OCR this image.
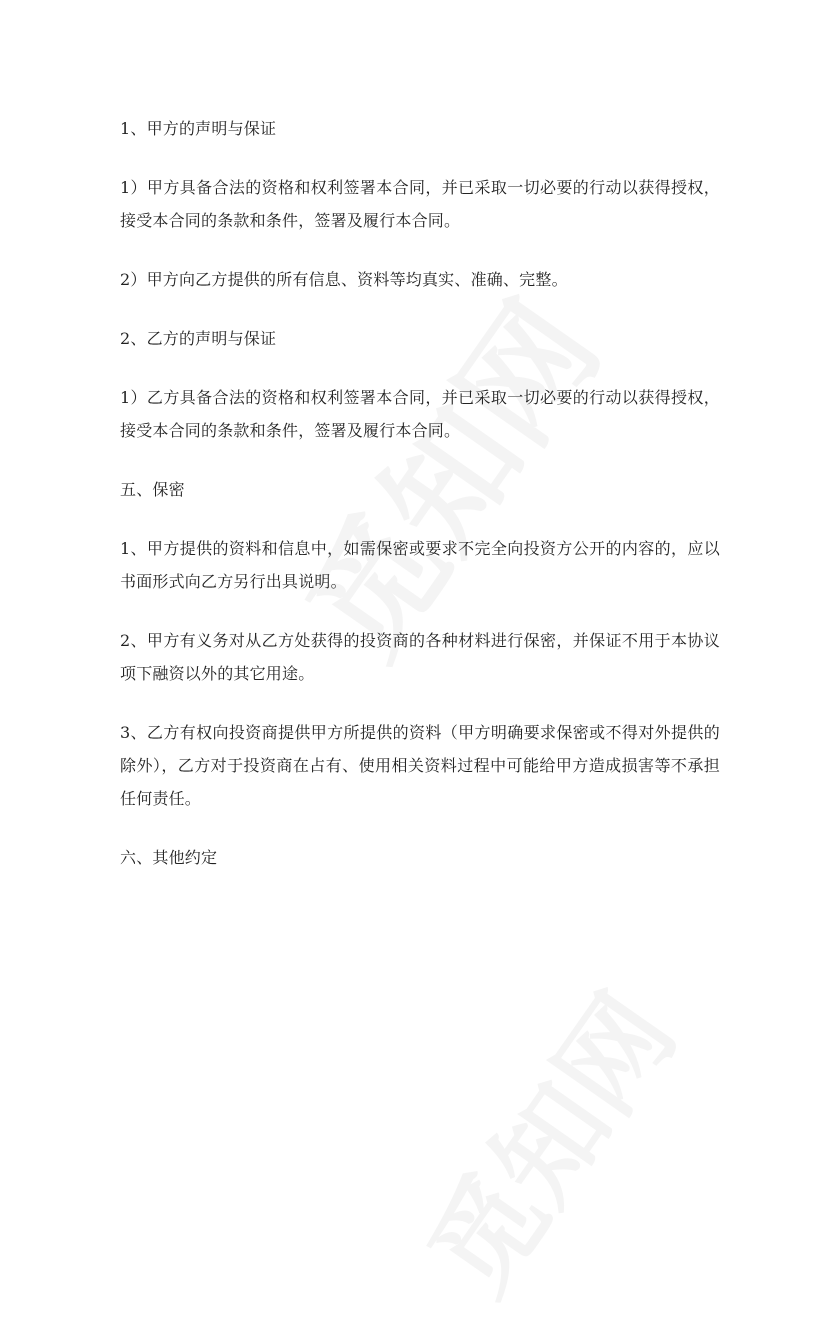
1、甲方的声明与保证

1）甲方具备合法的资格和权利签署本合同，并已采取一切必要的行动以获得授权，接受本合同的条款和条件，签署及履行本合同。

2）甲方向乙方提供的所有信息、资料等均真实、准确、完整。

2、乙方的声明与保证

1）乙方具备合法的资格和权利签署本合同，并已采取一切必要的行动以获得授权，接受本合同的条款和条件，签署及履行本合同。

五、保密

1、甲方提供的资料和信息中，如需保密或要求不完全向投资方公开的内容的，应以书面形式向乙方另行出具说明。

2、甲方有义务对从乙方处获得的投资商的各种材料进行保密，并保证不用于本协议项下融资以外的其它用途。

3、乙方有权向投资商提供甲方所提供的资料（甲方明确要求保密或不得对外提供的除外），乙方对于投资商在占有、使用相关资料过程中可能给甲方造成损害等不承担任何责任。

六、其他约定
